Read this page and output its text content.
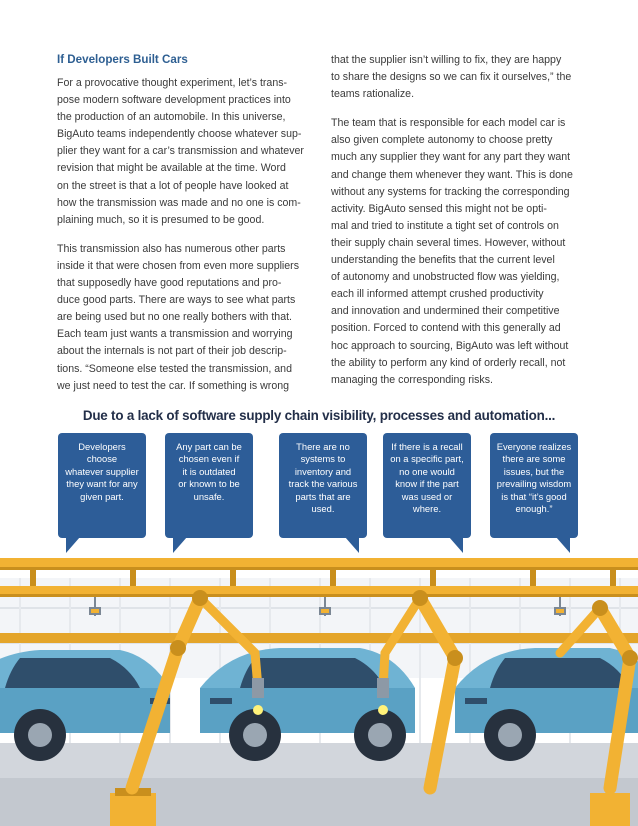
If Developers Built Cars

For a provocative thought experiment, let’s trans-
pose modern software development practices into
the production of an automobile. In this universe,
BigAuto teams independently choose whatever sup-
plier they want for a car’s transmission and whatever
revision that might be available at the time. Word
on the street is that a lot of people have looked at
how the transmission was made and no one is com-
plaining much, so it is presumed to be good.

This transmission also has numerous other parts
inside it that were chosen from even more suppliers
that supposedly have good reputations and pro-
duce good parts. There are ways to see what parts
are being used but no one really bothers with that.
Each team just wants a transmission and worrying
about the internals is not part of their job descrip-
tions. “Someone else tested the transmission, and
we just need to test the car. If something is wrong

that the supplier isn’t willing to fix, they are happy
to share the designs so we can fix it ourselves,” the
teams rationalize.

The team that is responsible for each model car is
also given complete autonomy to choose pretty
much any supplier they want for any part they want
and change them whenever they want. This is done
without any systems for tracking the corresponding
activity. BigAuto sensed this might not be opti-
mal and tried to institute a tight set of controls on
their supply chain several times. However, without
understanding the benefits that the current level
of autonomy and unobstructed flow was yielding,
each ill informed attempt crushed productivity
and innovation and undermined their competitive
position. Forced to contend with this generally ad
hoc approach to sourcing, BigAuto was left without
the ability to perform any kind of orderly recall, not
managing the corresponding risks.

Due to a lack of software supply chain visibility, processes and automation...
Developers choose
whatever supplier
they want for any
given part.
Any part can be
chosen even if
it is outdated
or known to be
unsafe.
There are no
systems to
inventory and
track the various
parts that are
used.
If there is a recall
on a specific part,
no one would
know if the part
was used or
where.
Everyone realizes
there are some
issues, but the
prevailing wisdom
is that “it’s good
enough.”
